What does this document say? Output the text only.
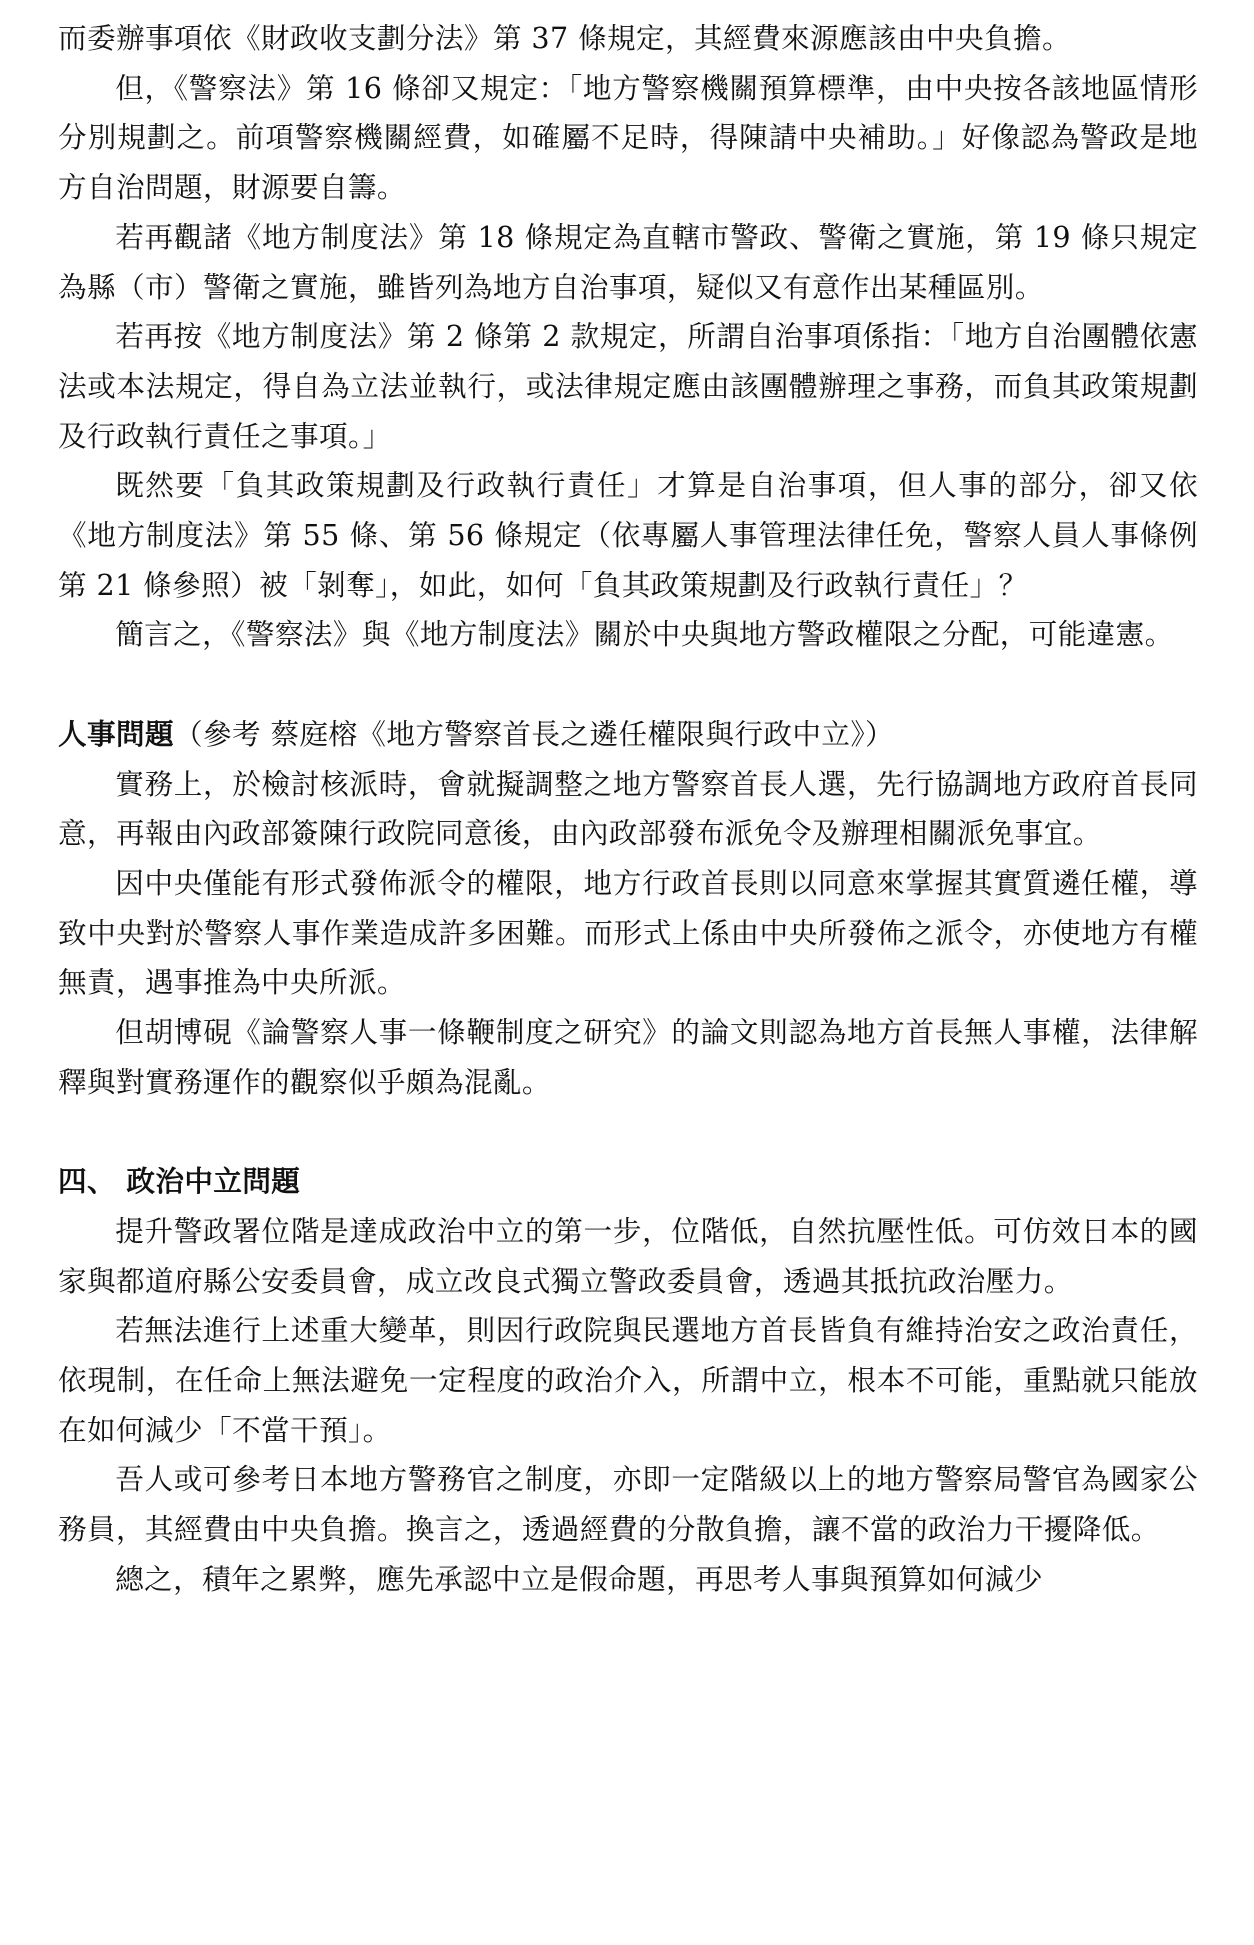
而委辦事項依《財政收支劃分法》第 37 條規定，其經費來源應該由中央負擔。

但，《警察法》第 16 條卻又規定：「地方警察機關預算標準，由中央按各該地區情形分別規劃之。前項警察機關經費，如確屬不足時，得陳請中央補助。」好像認為警政是地方自治問題，財源要自籌。

若再觀諸《地方制度法》第 18 條規定為直轄市警政、警衛之實施，第 19 條只規定為縣（市）警衛之實施，雖皆列為地方自治事項，疑似又有意作出某種區別。

若再按《地方制度法》第 2 條第 2 款規定，所謂自治事項係指：「地方自治團體依憲法或本法規定，得自為立法並執行，或法律規定應由該團體辦理之事務，而負其政策規劃及行政執行責任之事項。」

既然要「負其政策規劃及行政執行責任」才算是自治事項，但人事的部分，卻又依《地方制度法》第 55 條、第 56 條規定（依專屬人事管理法律任免，警察人員人事條例第 21 條參照）被「剝奪」，如此，如何「負其政策規劃及行政執行責任」？

簡言之，《警察法》與《地方制度法》關於中央與地方警政權限之分配，可能違憲。

人事問題（參考 蔡庭榕《地方警察首長之遴任權限與行政中立》）

實務上，於檢討核派時，會就擬調整之地方警察首長人選，先行協調地方政府首長同意，再報由內政部簽陳行政院同意後，由內政部發布派免令及辦理相關派免事宜。

因中央僅能有形式發佈派令的權限，地方行政首長則以同意來掌握其實質遴任權，導致中央對於警察人事作業造成許多困難。而形式上係由中央所發佈之派令，亦使地方有權無責，遇事推為中央所派。

但胡博硯《論警察人事一條鞭制度之研究》的論文則認為地方首長無人事權，法律解釋與對實務運作的觀察似乎頗為混亂。

四、 政治中立問題

提升警政署位階是達成政治中立的第一步，位階低，自然抗壓性低。可仿效日本的國家與都道府縣公安委員會，成立改良式獨立警政委員會，透過其抵抗政治壓力。

若無法進行上述重大變革，則因行政院與民選地方首長皆負有維持治安之政治責任，依現制，在任命上無法避免一定程度的政治介入，所謂中立，根本不可能，重點就只能放在如何減少「不當干預」。

吾人或可參考日本地方警務官之制度，亦即一定階級以上的地方警察局警官為國家公務員，其經費由中央負擔。換言之，透過經費的分散負擔，讓不當的政治力干擾降低。

總之，積年之累弊，應先承認中立是假命題，再思考人事與預算如何減少
